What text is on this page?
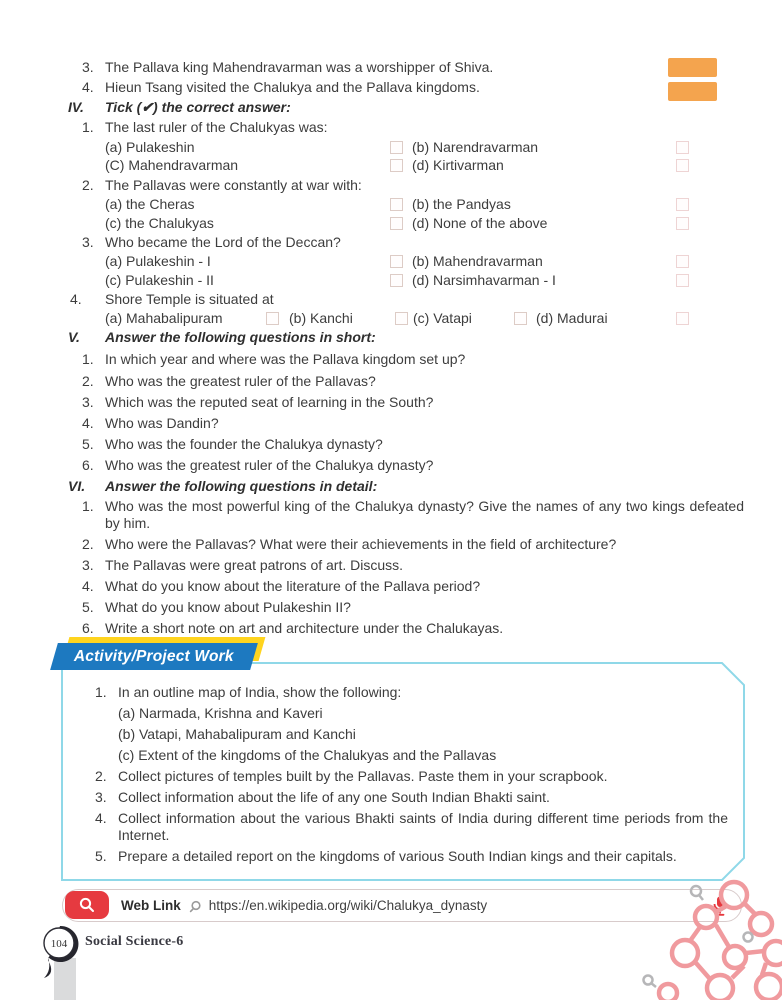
3. The Pallava king Mahendravarman was a worshipper of Shiva.
4. Hieun Tsang visited the Chalukya and the Pallava kingdoms.
IV.	Tick (✔) the correct answer:
1. The last ruler of the Chalukyas was:
(a) Pulakeshin	(b) Narendravarman
(C) Mahendravarman	(d) Kirtivarman
2. The Pallavas were constantly at war with:
(a) the Cheras	(b) the Pandyas
(c) the Chalukyas	(d) None of the above
3. Who became the Lord of the Deccan?
(a) Pulakeshin - I	(b) Mahendravarman
(c) Pulakeshin - II	(d) Narsimhavarman - I
4.	Shore Temple is situated at
(a) Mahabalipuram	(b) Kanchi	(c) Vatapi	(d) Madurai
V.	Answer the following questions in short:
1. In which year and where was the Pallava kingdom set up?
2. Who was the greatest ruler of the Pallavas?
3. Which was the reputed seat of learning in the South?
4. Who was Dandin?
5. Who was the founder the Chalukya dynasty?
6. Who was the greatest ruler of the Chalukya dynasty?
VI.	Answer the following questions in detail:
1. Who was the most powerful king of the Chalukya dynasty? Give the names of any two kings defeated by him.
2. Who were the Pallavas? What were their achievements in the field of architecture?
3. The Pallavas were great patrons of art. Discuss.
4. What do you know about the literature of the Pallava period?
5. What do you know about Pulakeshin II?
6. Write a short note on art and architecture under the Chalukayas.
Activity/Project Work
1. In an outline map of India, show the following:
(a) Narmada, Krishna and Kaveri
(b) Vatapi, Mahabalipuram and Kanchi
(c) Extent of the kingdoms of the Chalukyas and the Pallavas
2. Collect pictures of temples built by the Pallavas. Paste them in your scrapbook.
3. Collect information about the life of any one South Indian Bhakti saint.
4. Collect information about the various Bhakti saints of India during different time periods from the Internet.
5. Prepare a detailed report on the kingdoms of various South Indian kings and their capitals.
Web Link https://en.wikipedia.org/wiki/Chalukya_dynasty
104 Social Science-6
